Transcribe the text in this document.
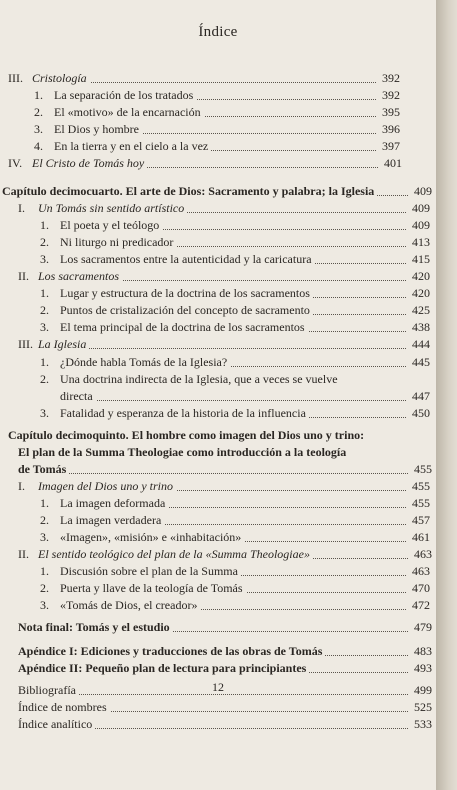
Índice
III. Cristología	392
1. La separación de los tratados	392
2. El «motivo» de la encarnación	395
3. El Dios y hombre	396
4. En la tierra y en el cielo a la vez	397
IV. El Cristo de Tomás hoy	401
Capítulo decimocuarto. El arte de Dios: Sacramento y palabra; la Iglesia	409
I. Un Tomás sin sentido artístico	409
1. El poeta y el teólogo	409
2. Ni liturgo ni predicador	413
3. Los sacramentos entre la autenticidad y la caricatura	415
II. Los sacramentos	420
1. Lugar y estructura de la doctrina de los sacramentos	420
2. Puntos de cristalización del concepto de sacramento	425
3. El tema principal de la doctrina de los sacramentos	438
III. La Iglesia	444
1. ¿Dónde habla Tomás de la Iglesia?	445
2. Una doctrina indirecta de la Iglesia, que a veces se vuelve
directa	447
3. Fatalidad y esperanza de la historia de la influencia	450
Capítulo decimoquinto. El hombre como imagen del Dios uno y trino:
El plan de la Summa Theologiae como introducción a la teología
de Tomás	455
I. Imagen del Dios uno y trino	455
1. La imagen deformada	455
2. La imagen verdadera	457
3. «Imagen», «misión» e «inhabitación»	461
II. El sentido teológico del plan de la «Summa Theologiae»	463
1. Discusión sobre el plan de la Summa	463
2. Puerta y llave de la teología de Tomás	470
3. «Tomás de Dios, el creador»	472
Nota final: Tomás y el estudio	479
Apéndice I: Ediciones y traducciones de las obras de Tomás	483
Apéndice II: Pequeño plan de lectura para principiantes	493
Bibliografía	499
Índice de nombres	525
Índice analítico	533
12
